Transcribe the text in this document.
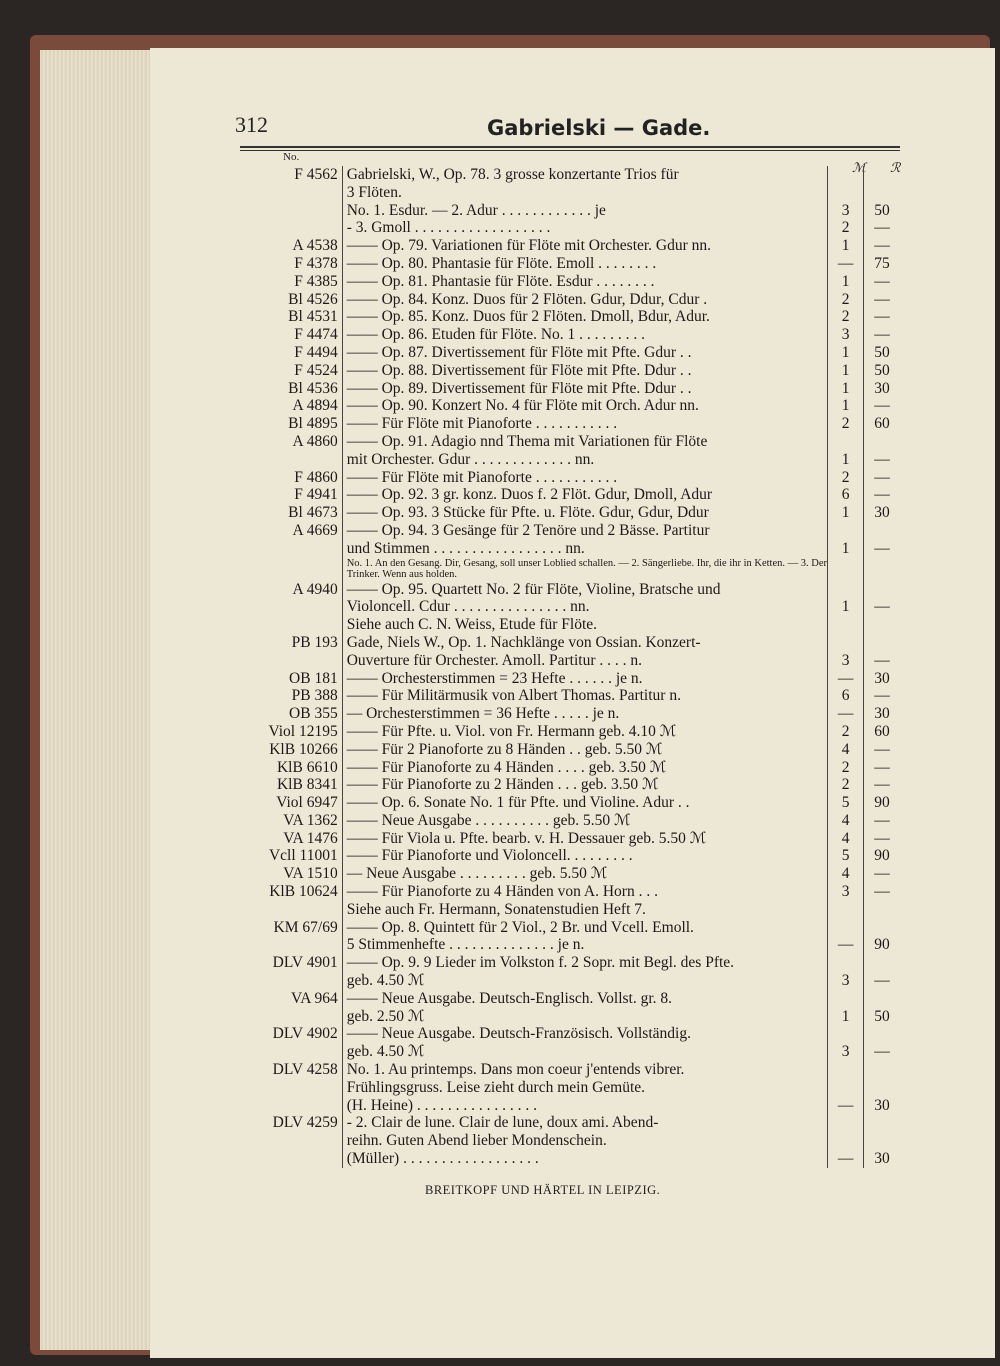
312	Gabrielski — Gade.
No.
ℳ ℛ
F 4562 Gabrielski, W., Op. 78. 3 grosse konzertante Trios für
3 Flöten.
No. 1. Esdur. — 2. Adur . . . . . . . . . . . . je	3	50
- 3. Gmoll . . . . . . . . . . . . . . . . . .	2	—
A 4538 —— Op. 79. Variationen für Flöte mit Orchester. Gdur nn.	1	—
F 4378 —— Op. 80. Phantasie für Flöte. Emoll . . . . . . . .	—	75
F 4385 —— Op. 81. Phantasie für Flöte. Esdur . . . . . . . .	1	—
Bl 4526 —— Op. 84. Konz. Duos für 2 Flöten. Gdur, Ddur, Cdur .	2	—
Bl 4531 —— Op. 85. Konz. Duos für 2 Flöten. Dmoll, Bdur, Adur.	2	—
F 4474 —— Op. 86. Etuden für Flöte. No. 1 . . . . . . . . .	3	—
F 4494 —— Op. 87. Divertissement für Flöte mit Pfte. Gdur . .	1	50
F 4524 —— Op. 88. Divertissement für Flöte mit Pfte. Ddur . .	1	50
Bl 4536 —— Op. 89. Divertissement für Flöte mit Pfte. Ddur . .	1	30
A 4894 —— Op. 90. Konzert No. 4 für Flöte mit Orch. Adur nn.	1	—
Bl 4895 —— Für Flöte mit Pianoforte . . . . . . . . . . .	2	60
A 4860 —— Op. 91. Adagio nnd Thema mit Variationen für Flöte
mit Orchester. Gdur . . . . . . . . . . . . . nn.	1	—
F 4860 —— Für Flöte mit Pianoforte . . . . . . . . . . .	2	—
F 4941 —— Op. 92. 3 gr. konz. Duos f. 2 Flöt. Gdur, Dmoll, Adur	6	—
Bl 4673 —— Op. 93. 3 Stücke für Pfte. u. Flöte. Gdur, Gdur, Ddur	1	30
A 4669 —— Op. 94. 3 Gesänge für 2 Tenöre und 2 Bässe. Partitur
und Stimmen . . . . . . . . . . . . . . . . . nn.	1	—
No. 1. An den Gesang. Dir, Gesang, soll unser Loblied schallen. — 2. Sängerliebe. Ihr, die ihr in Ketten. — 3. Der Trinker. Wenn aus holden.
A 4940 —— Op. 95. Quartett No. 2 für Flöte, Violine, Bratsche und
Violoncell. Cdur . . . . . . . . . . . . . . . nn.	1	—
Siehe auch C. N. Weiss, Etude für Flöte.
PB 193 Gade, Niels W., Op. 1. Nachklänge von Ossian. Konzert-
Ouverture für Orchester. Amoll. Partitur . . . . n.	3	—
OB 181 —— Orchesterstimmen = 23 Hefte . . . . . . je n.	—	30
PB 388 —— Für Militärmusik von Albert Thomas. Partitur n.	6	—
OB 355 — Orchesterstimmen = 36 Hefte . . . . . je n.	—	30
Viol 12195 —— Für Pfte. u. Viol. von Fr. Hermann geb. 4.10 ℳ	2	60
KlB 10266 —— Für 2 Pianoforte zu 8 Händen . . geb. 5.50 ℳ	4	—
KlB 6610 —— Für Pianoforte zu 4 Händen . . . . geb. 3.50 ℳ	2	—
KlB 8341 —— Für Pianoforte zu 2 Händen . . . geb. 3.50 ℳ	2	—
Viol 6947 —— Op. 6. Sonate No. 1 für Pfte. und Violine. Adur . .	5	90
VA 1362 —— Neue Ausgabe . . . . . . . . . . geb. 5.50 ℳ	4	—
VA 1476 —— Für Viola u. Pfte. bearb. v. H. Dessauer geb. 5.50 ℳ	4	—
Vcll 11001 —— Für Pianoforte und Violoncell. . . . . . . . .	5	90
VA 1510 — Neue Ausgabe . . . . . . . . . geb. 5.50 ℳ	4	—
KlB 10624 —— Für Pianoforte zu 4 Händen von A. Horn . . .	3	—
Siehe auch Fr. Hermann, Sonatenstudien Heft 7.
KM 67/69 —— Op. 8. Quintett für 2 Viol., 2 Br. und Vcell. Emoll.
5 Stimmenhefte . . . . . . . . . . . . . . je n.	—	90
DLV 4901 —— Op. 9. 9 Lieder im Volkston f. 2 Sopr. mit Begl. des Pfte.
geb. 4.50 ℳ	3	—
VA 964 —— Neue Ausgabe. Deutsch-Englisch. Vollst. gr. 8.
geb. 2.50 ℳ	1	50
DLV 4902 —— Neue Ausgabe. Deutsch-Französisch. Vollständig.
geb. 4.50 ℳ	3	—
DLV 4258 No. 1. Au printemps. Dans mon coeur j'entends vibrer.
Frühlingsgruss. Leise zieht durch mein Gemüte.
(H. Heine) . . . . . . . . . . . . . . . .	—	30
DLV 4259 - 2. Clair de lune. Clair de lune, doux ami. Abend-
reihn. Guten Abend lieber Mondenschein.
(Müller) . . . . . . . . . . . . . . . . . .	—	30
BREITKOPF UND HÄRTEL IN LEIPZIG.
